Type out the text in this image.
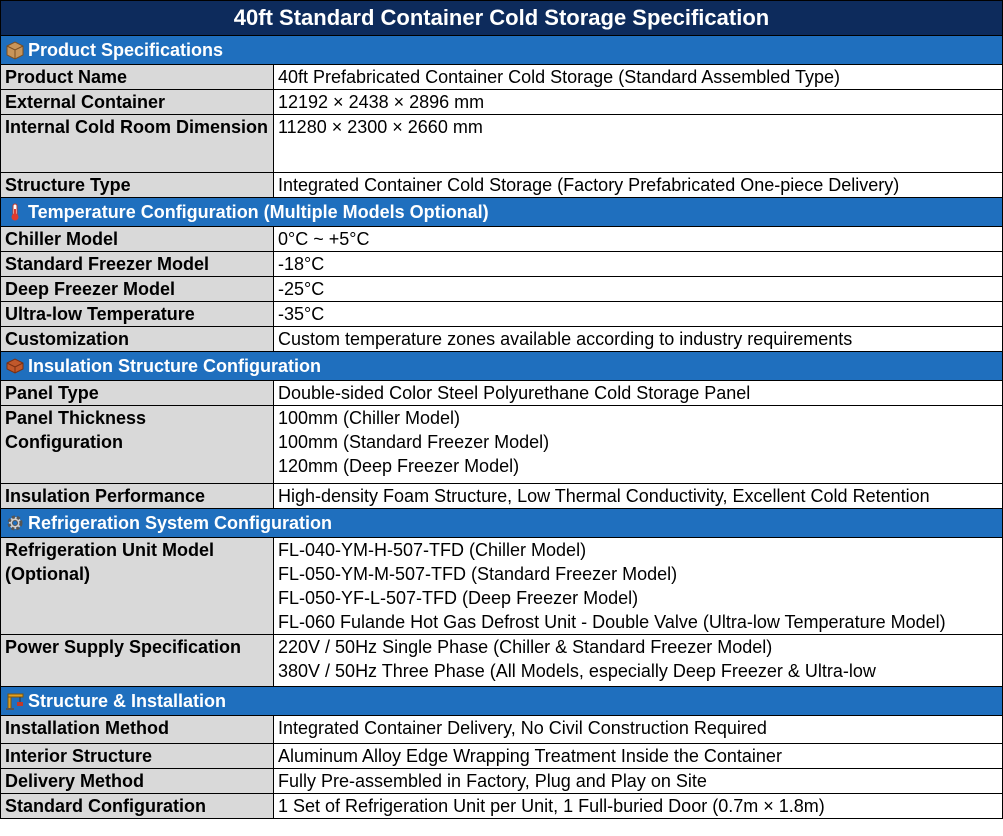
40ft Standard Container Cold Storage Specification	
Product Specifications	
Product Name	40ft Prefabricated Container Cold Storage (Standard Assembled Type)
External Container	12192 × 2438 × 2896 mm
Internal Cold Room Dimension	11280 × 2300 × 2660 mm
Structure Type	Integrated Container Cold Storage (Factory Prefabricated One-piece Delivery)
Temperature Configuration (Multiple Models Optional)	
Chiller Model	0°C ~ +5°C
Standard Freezer Model	-18°C
Deep Freezer Model	-25°C
Ultra-low Temperature	-35°C
Customization	Custom temperature zones available according to industry requirements
Insulation Structure Configuration	
Panel Type	Double-sided Color Steel Polyurethane Cold Storage Panel
Panel Thickness Configuration	100mm (Chiller Model)
100mm (Standard Freezer Model)
120mm (Deep Freezer Model)

Insulation Performance	High-density Foam Structure, Low Thermal Conductivity, Excellent Cold Retention
Refrigeration System Configuration	
Refrigeration Unit Model (Optional)	FL-040-YM-H-507-TFD (Chiller Model)
FL-050-YM-M-507-TFD (Standard Freezer Model)
FL-050-YF-L-507-TFD (Deep Freezer Model)
FL-060 Fulande Hot Gas Defrost Unit - Double Valve (Ultra-low Temperature Model)

Power Supply Specification	220V / 50Hz Single Phase (Chiller & Standard Freezer Model)
380V / 50Hz Three Phase (All Models, especially Deep Freezer & Ultra-low

Structure & Installation	
Installation Method	Integrated Container Delivery, No Civil Construction Required
Interior Structure	Aluminum Alloy Edge Wrapping Treatment Inside the Container
Delivery Method	Fully Pre-assembled in Factory, Plug and Play on Site
Standard Configuration	1 Set of Refrigeration Unit per Unit, 1 Full-buried Door (0.7m × 1.8m)
